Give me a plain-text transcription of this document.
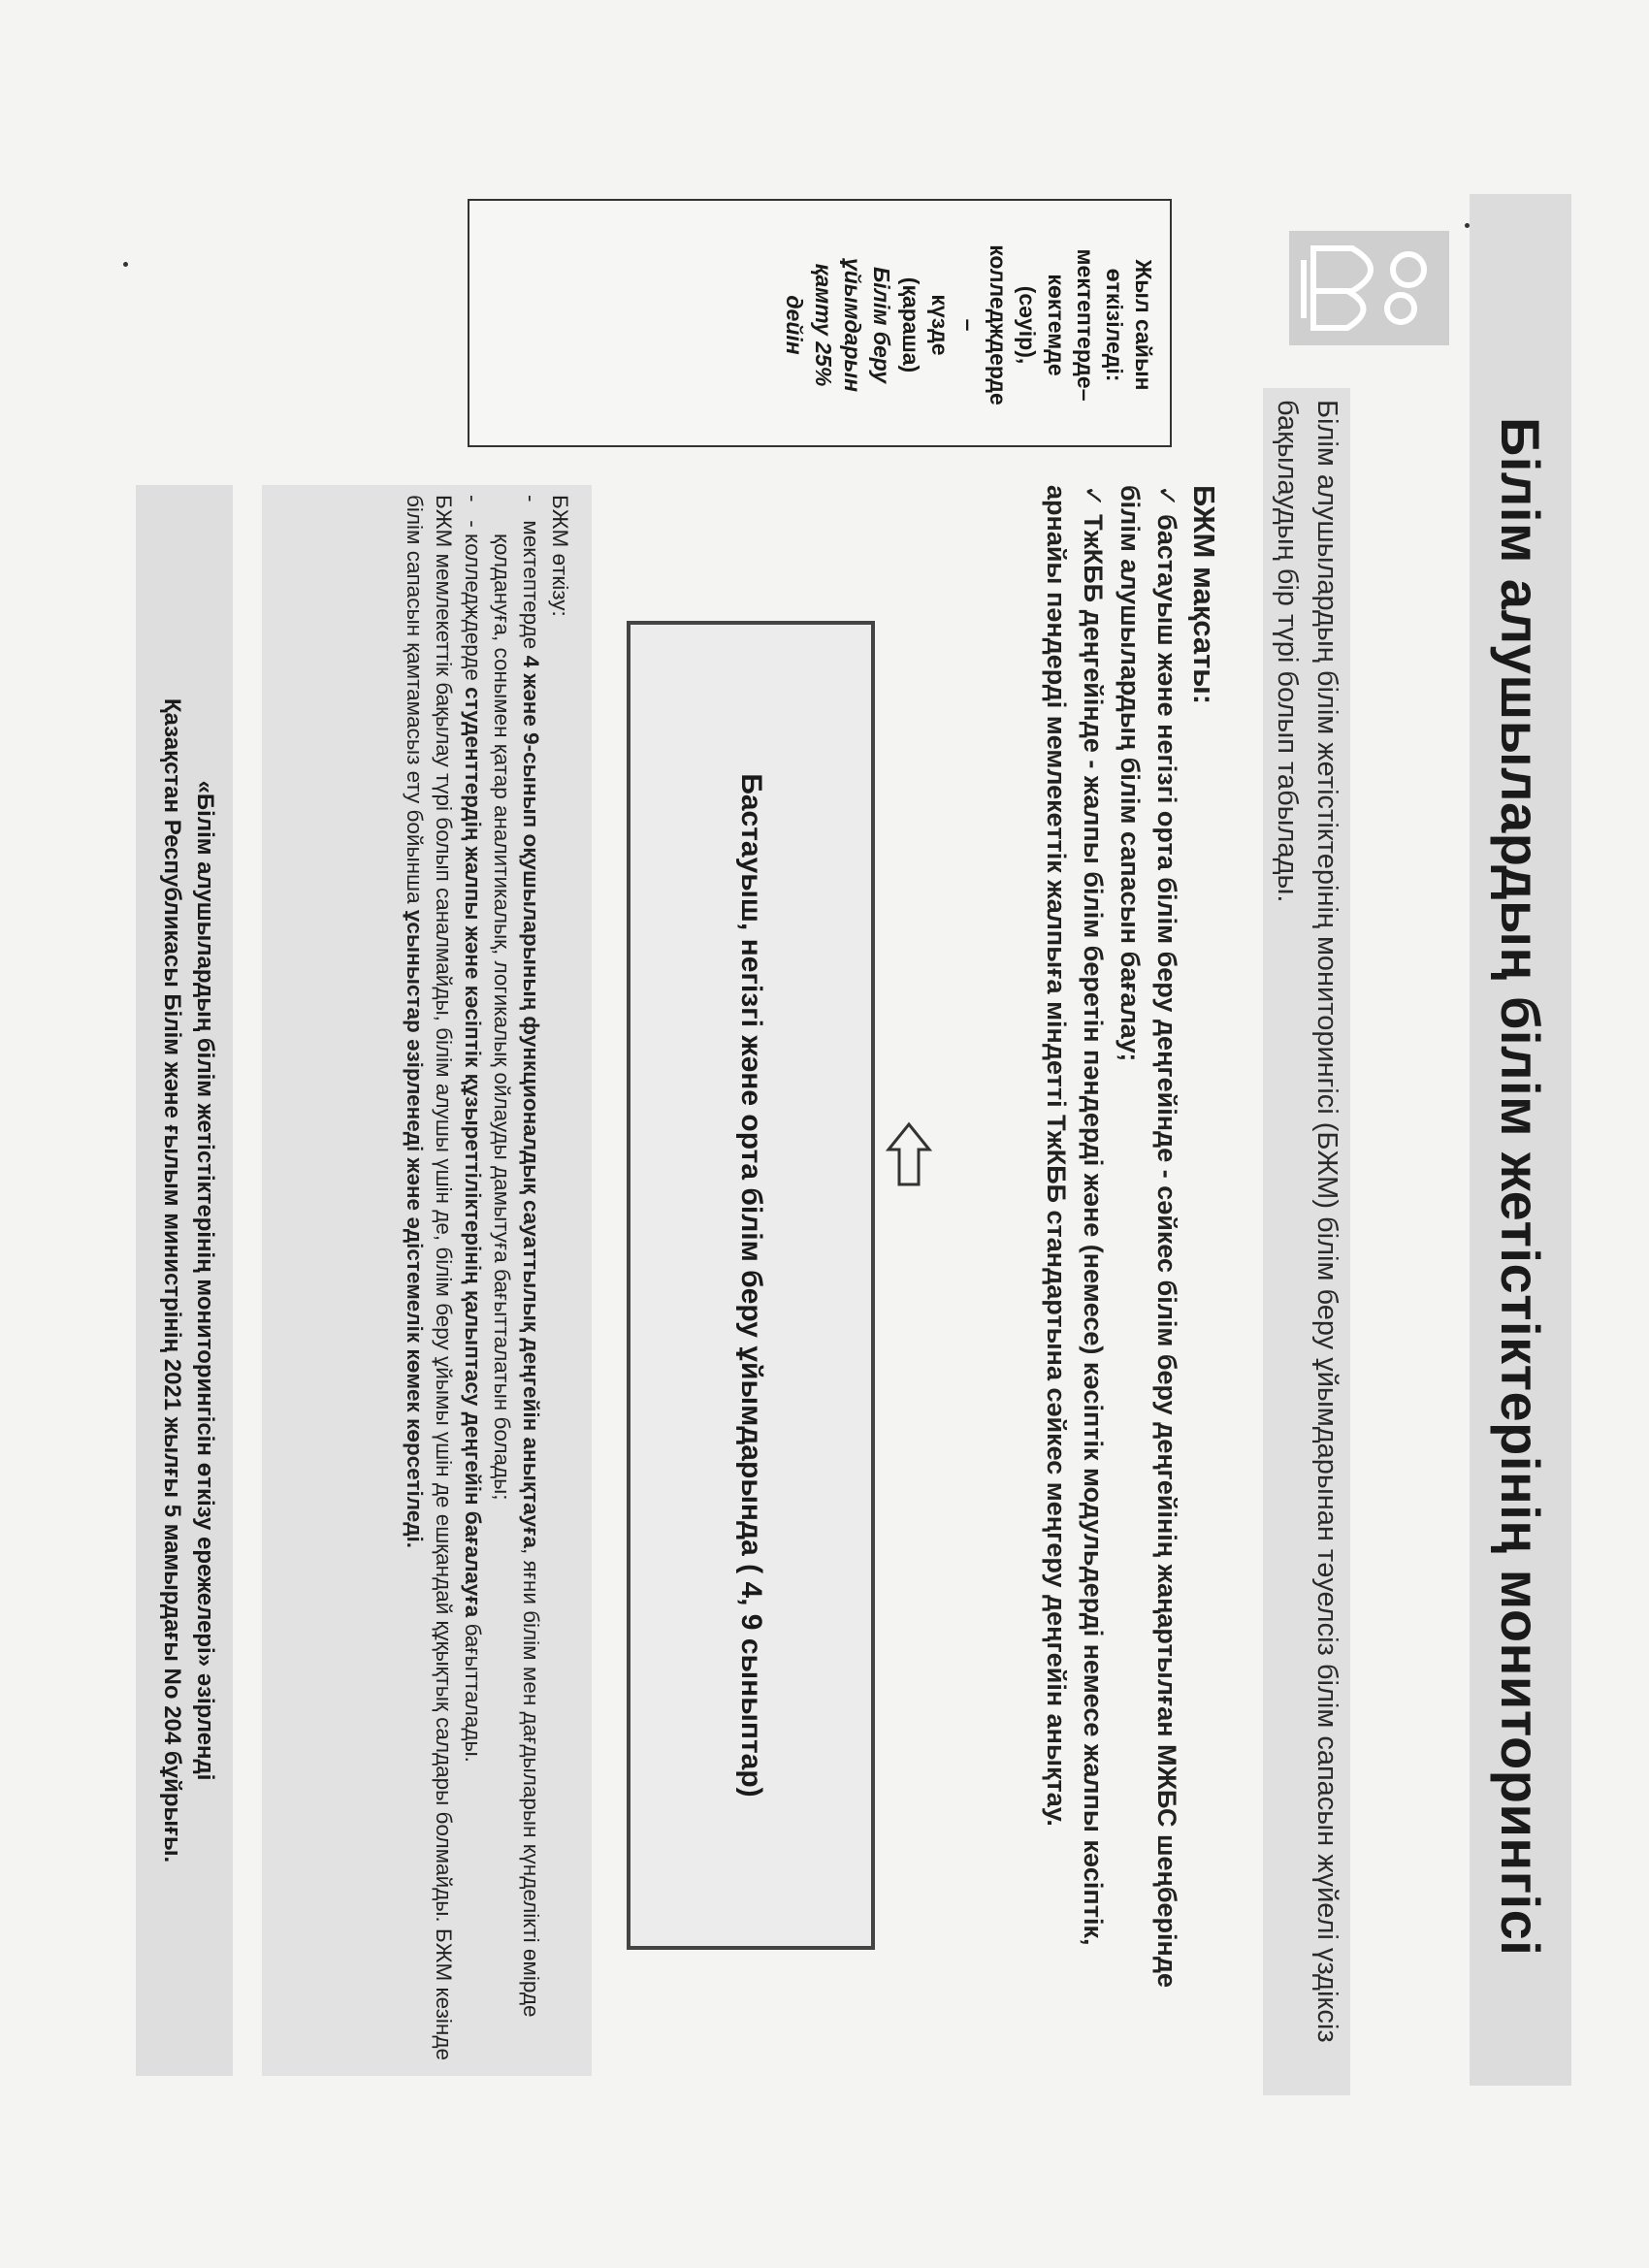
Білім алушылардың білім жетістіктерінің мониторингісі
Білім алушылардың білім жетістіктерінің мониторингісі (БЖМ) білім беру ұйымдарынан тәуелсіз білім сапасын жүйелі үздіксіз бақылаудың бір түрі болып табылады.
БЖМ мақсаты:
✓ бастауыш және негізгі орта білім беру деңгейінде - сәйкес білім беру деңгейінің жаңартылған МЖБС шеңберінде білім алушылардың білім сапасын бағалау;
✓ ТжКББ деңгейінде - жалпы білім беретін пәндерді және (немесе) кәсіптік модульдерді немесе жалпы кәсіптік, арнайы пәндерді мемлекеттік жалпыға міндетті ТжКББ стандартына сәйкес меңгеру деңгейін анықтау.
Бастауыш, негізгі және орта білім беру ұйымдарында ( 4, 9 сыныптар)
Жыл сайын
өткізіледі:
мектептерде–
көктемде
(сәуір),
колледждерде
–
күзде
(қараша)
Білім беру
ұйымдарын
қамту 25%
дейін
БЖМ өткізу:
-   мектептерде 4 және 9-сынып оқушыларының функционалдық сауаттылық деңгейін анықтауға, яғни білім мен дағдыларын күнделікті өмірде қолдануға, сонымен қатар аналитикалық, логикалық ойлауды дамытуға бағытталатын болады;
-   - колледждерде студенттердің жалпы және кәсіптік құзыреттіліктерінің қалыптасу деңгейін бағалауға бағытталады.
БЖМ мемлекеттік бақылау түрі болып саналмайды, білім алушы үшін де, білім беру ұйымы үшін де ешқандай құқықтық салдары болмайды. БЖМ кезінде білім сапасын қамтамасыз ету бойынша ұсыныстар әзірленеді және әдістемелік көмек көрсетіледі.
«Білім алушылардың білім жетістіктерінің мониторингісін өткізу ережелері» әзірленді
Қазақстан Республикасы Білім және ғылым министрінің 2021 жылғы 5 мамырдағы No 204 бұйрығы.
